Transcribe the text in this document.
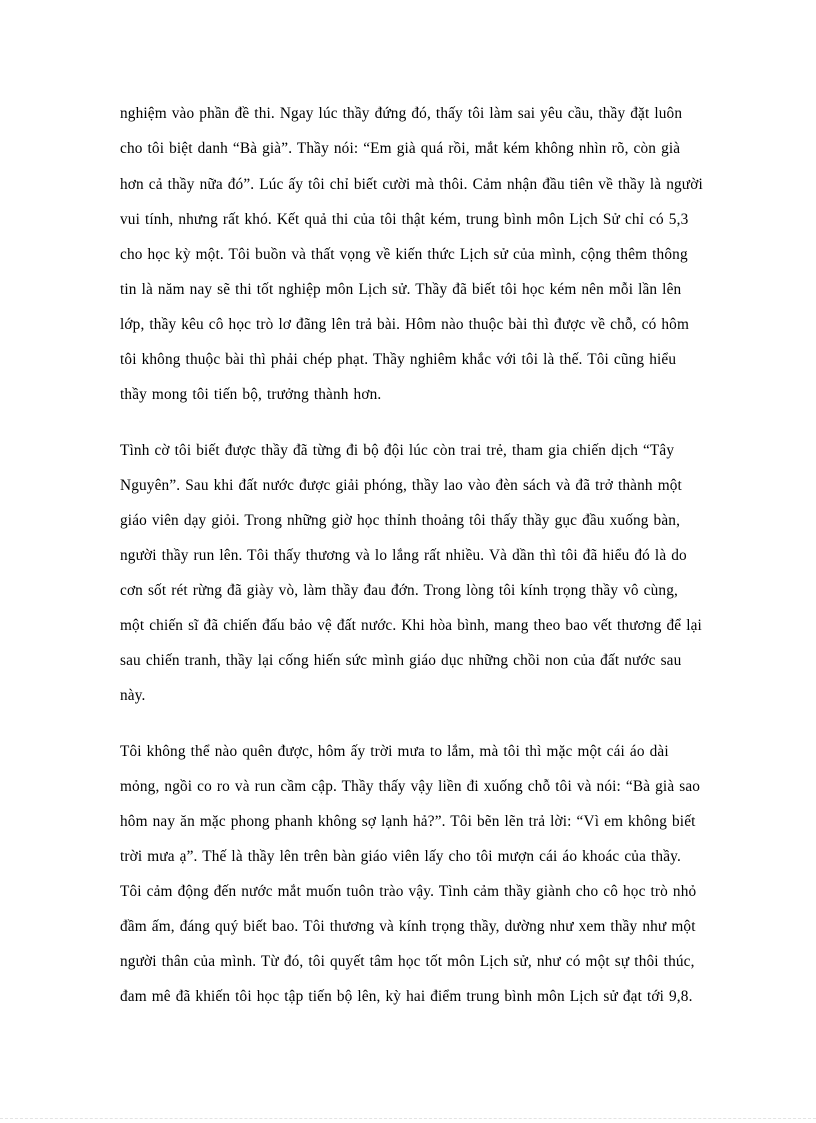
nghiệm vào phần đề thi. Ngay lúc thầy đứng đó, thấy tôi làm sai yêu cầu, thầy đặt luôn
cho tôi biệt danh “Bà già”. Thầy nói: “Em già quá rồi, mắt kém không nhìn rõ, còn già
hơn cả thầy nữa đó”. Lúc ấy tôi chỉ biết cười mà thôi. Cảm nhận đầu tiên về thầy là người
vui tính, nhưng rất khó. Kết quả thi của tôi thật kém, trung bình môn Lịch Sử chỉ có 5,3
cho học kỳ một. Tôi buồn và thất vọng về kiến thức Lịch sử của mình, cộng thêm thông
tin là năm nay sẽ thi tốt nghiệp môn Lịch sử. Thầy đã biết tôi học kém nên mỗi lần lên
lớp, thầy kêu cô học trò lơ đãng lên trả bài. Hôm nào thuộc bài thì được về chỗ, có hôm
tôi không thuộc bài thì phải chép phạt. Thầy nghiêm khắc với tôi là thế. Tôi cũng hiểu
thầy mong tôi tiến bộ, trưởng thành hơn.
Tình cờ tôi biết được thầy đã từng đi bộ đội lúc còn trai trẻ, tham gia chiến dịch “Tây
Nguyên”. Sau khi đất nước được giải phóng, thầy lao vào đèn sách và đã trở thành một
giáo viên dạy giỏi. Trong những giờ học thỉnh thoảng tôi thấy thầy gục đầu xuống bàn,
người thầy run lên. Tôi thấy thương và lo lắng rất nhiều. Và dần thì tôi đã hiểu đó là do
cơn sốt rét rừng đã giày vò, làm thầy đau đớn. Trong lòng tôi kính trọng thầy vô cùng,
một chiến sĩ đã chiến đấu bảo vệ đất nước. Khi hòa bình, mang theo bao vết thương để lại
sau chiến tranh, thầy lại cống hiến sức mình giáo dục những chồi non của đất nước sau
này.
Tôi không thể nào quên được, hôm ấy trời mưa to lắm, mà tôi thì mặc một cái áo dài
mỏng, ngồi co ro và run cầm cập. Thầy thấy vậy liền đi xuống chỗ tôi và nói: “Bà già sao
hôm nay ăn mặc phong phanh không sợ lạnh hả?”. Tôi bẽn lẽn trả lời: “Vì em không biết
trời mưa ạ”. Thế là thầy lên trên bàn giáo viên lấy cho tôi mượn cái áo khoác của thầy.
Tôi cảm động đến nước mắt muốn tuôn trào vậy. Tình cảm thầy giành cho cô học trò nhỏ
đầm ấm, đáng quý biết bao. Tôi thương và kính trọng thầy, dường như xem thầy như một
người thân của mình. Từ đó, tôi quyết tâm học tốt môn Lịch sử, như có một sự thôi thúc,
đam mê đã khiến tôi học tập tiến bộ lên, kỳ hai điểm trung bình môn Lịch sử đạt tới 9,8.
